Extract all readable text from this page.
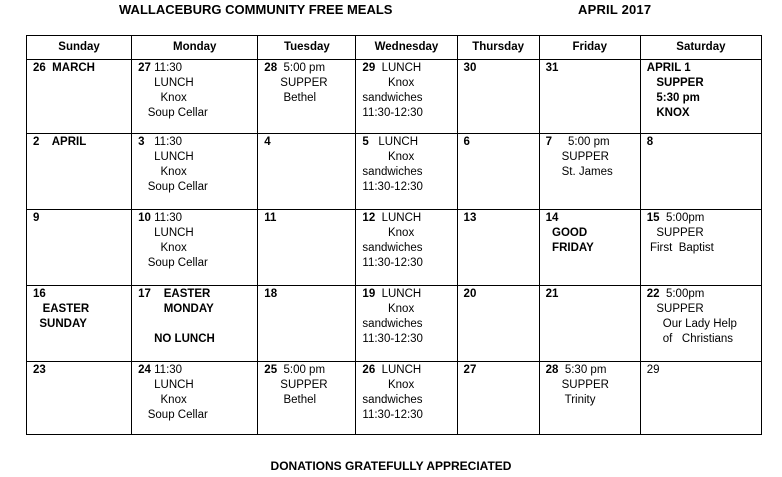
WALLACEBURG COMMUNITY FREE MEALS	APRIL 2017
Sunday	Monday	Tuesday	Wednesday	Thursday	Friday	Saturday

26  MARCH	27 11:30
LUNCH
Knox
Soup Cellar	28  5:00 pm
SUPPER
Bethel	29  LUNCH
Knox
sandwiches
11:30-12:30	30	31	APRIL 1
SUPPER
5:30 pm
KNOX

2    APRIL	3   11:30
LUNCH
Knox
Soup Cellar	4	5   LUNCH
Knox
sandwiches
11:30-12:30	6	7     5:00 pm
SUPPER
St. James	8

9	10 11:30
LUNCH
Knox
Soup Cellar	11	12  LUNCH
Knox
sandwiches
11:30-12:30	13	14
GOOD
FRIDAY	15  5:00pm
SUPPER
First  Baptist

16
EASTER
SUNDAY	17    EASTER
MONDAY

NO LUNCH	18	19  LUNCH
Knox
sandwiches
11:30-12:30	20	21	22  5:00pm
SUPPER
Our Lady Help
of   Christians

23	24 11:30
LUNCH
Knox
Soup Cellar	25  5:00 pm
SUPPER
Bethel	26  LUNCH
Knox
sandwiches
11:30-12:30	27	28  5:30 pm
SUPPER
Trinity	29
DONATIONS GRATEFULLY APPRECIATED
